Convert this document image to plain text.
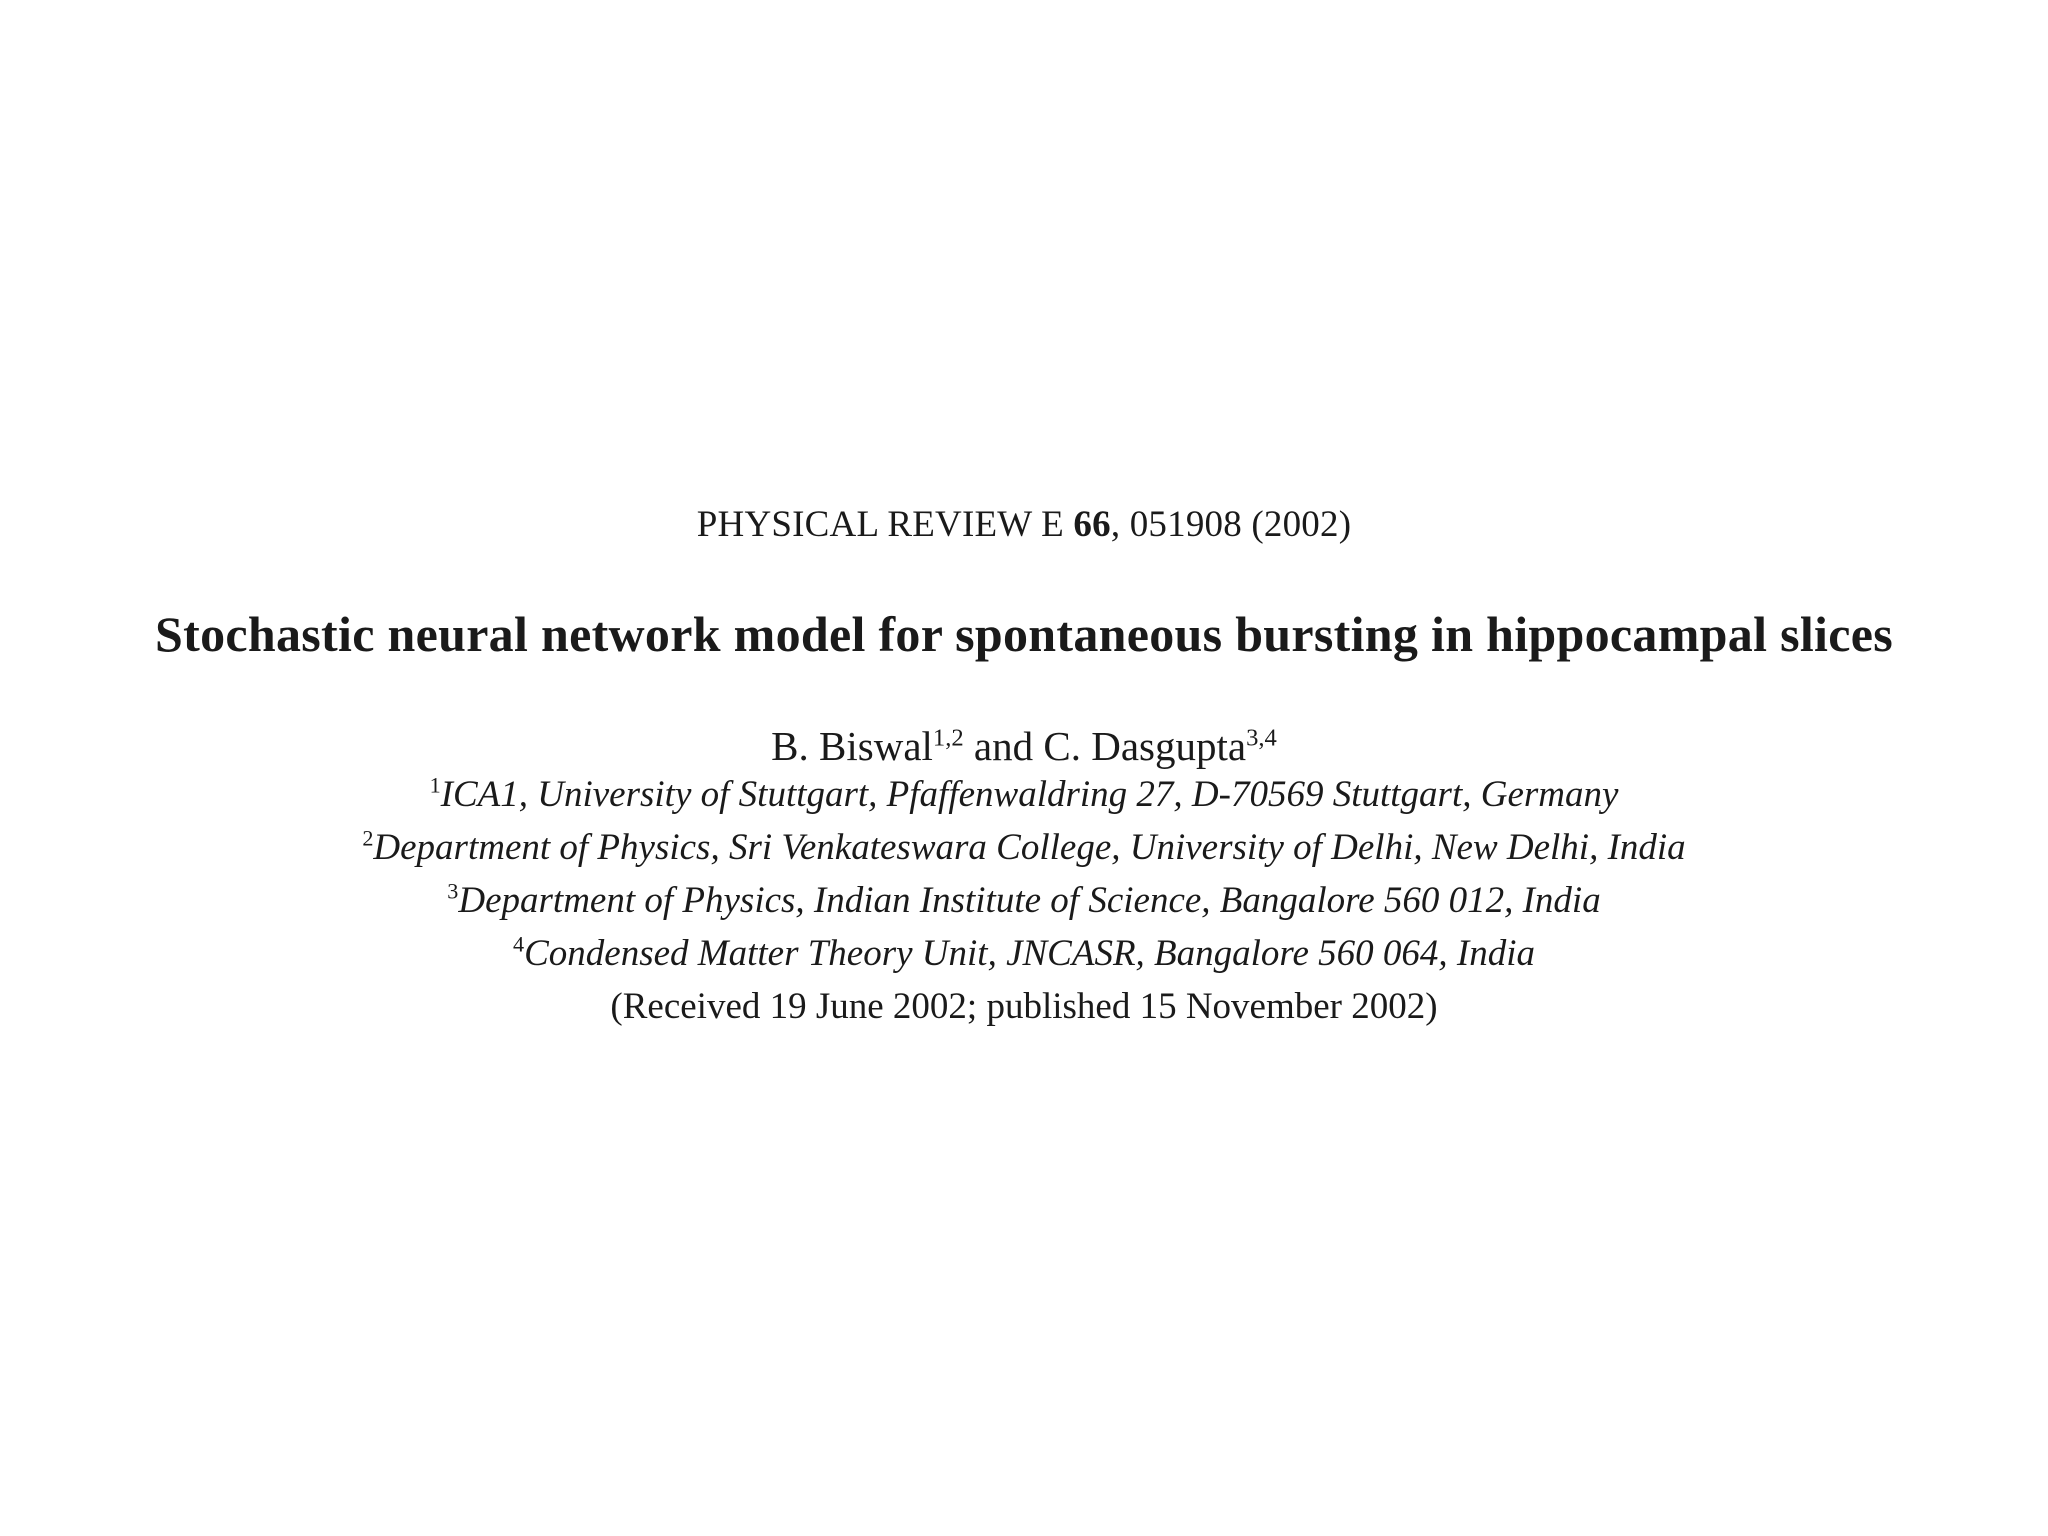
PHYSICAL REVIEW E 66, 051908 (2002)
Stochastic neural network model for spontaneous bursting in hippocampal slices
B. Biswal$^{1,2}$ and C. Dasgupta$^{3,4}$
$^1$ICA1, University of Stuttgart, Pfaffenwaldring 27, D-70569 Stuttgart, Germany
$^2$Department of Physics, Sri Venkateswara College, University of Delhi, New Delhi, India
$^3$Department of Physics, Indian Institute of Science, Bangalore 560 012, India
$^4$Condensed Matter Theory Unit, JNCASR, Bangalore 560 064, India
(Received 19 June 2002; published 15 November 2002)
